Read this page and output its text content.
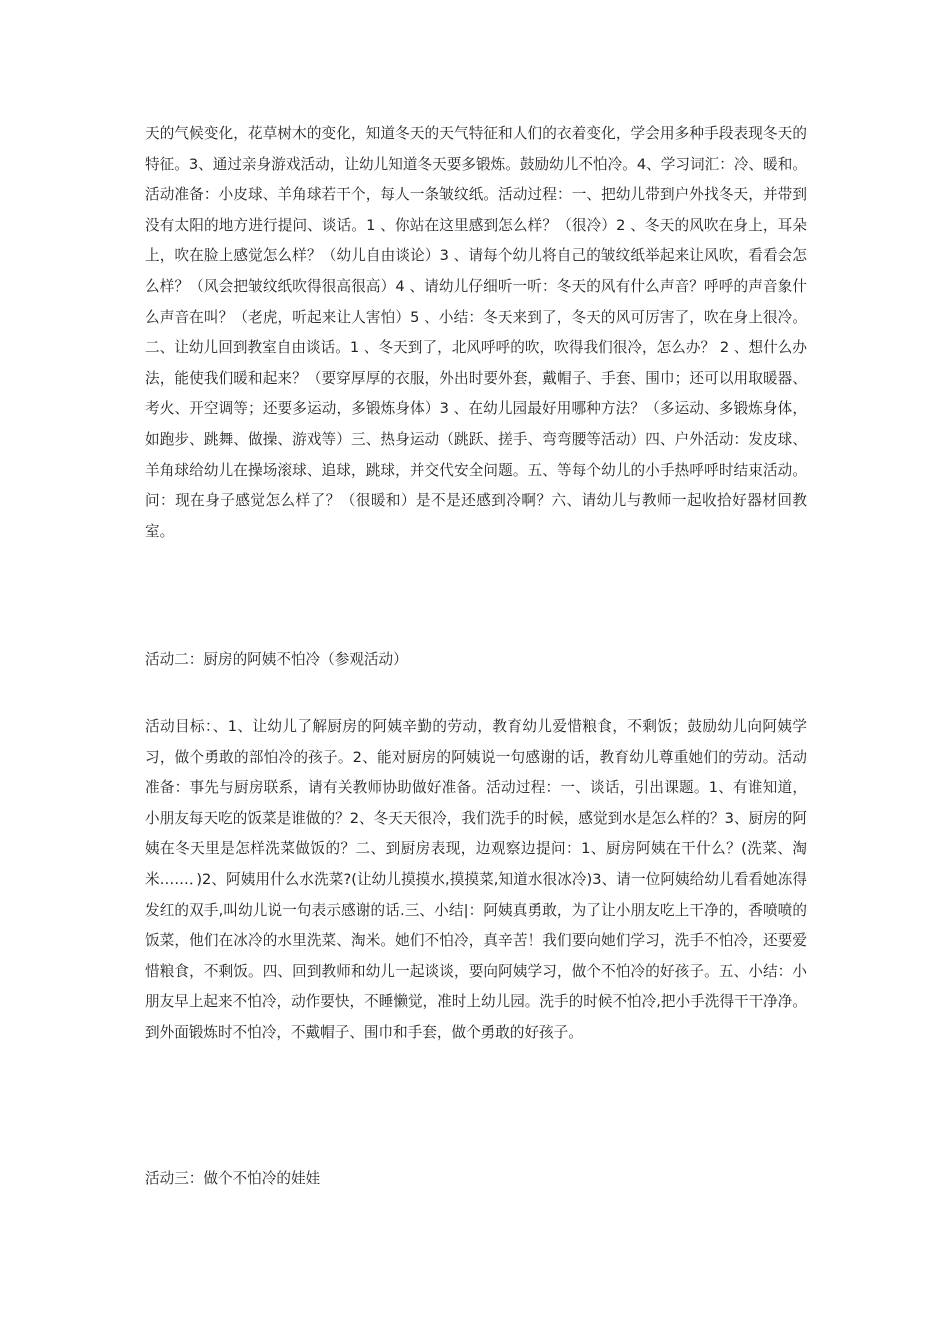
天的气候变化，花草树木的变化，知道冬天的天气特征和人们的衣着变化，学会用多种手段表现冬天的特征。3、通过亲身游戏活动，让幼儿知道冬天要多锻炼。鼓励幼儿不怕冷。4、学习词汇：冷、暖和。活动准备：小皮球、羊角球若干个，每人一条皱纹纸。活动过程：一、把幼儿带到户外找冬天，并带到没有太阳的地方进行提问、谈话。1 、你站在这里感到怎么样？（很冷）2 、冬天的风吹在身上，耳朵上，吹在脸上感觉怎么样？（幼儿自由谈论）3 、请每个幼儿将自己的皱纹纸举起来让风吹，看看会怎么样？（风会把皱纹纸吹得很高很高）4 、请幼儿仔细听一听：冬天的风有什么声音？呼呼的声音象什么声音在叫？（老虎，听起来让人害怕）5 、小结：冬天来到了，冬天的风可厉害了，吹在身上很冷。二、让幼儿回到教室自由谈话。1 、冬天到了，北风呼呼的吹，吹得我们很冷，怎么办？ 2 、想什么办法，能使我们暖和起来？（要穿厚厚的衣服，外出时要外套，戴帽子、手套、围巾；还可以用取暖器、考火、开空调等；还要多运动，多锻炼身体）3 、在幼儿园最好用哪种方法？（多运动、多锻炼身体，如跑步、跳舞、做操、游戏等）三、热身运动（跳跃、搓手、弯弯腰等活动）四、户外活动：发皮球、羊角球给幼儿在操场滚球、追球，跳球，并交代安全问题。五、等每个幼儿的小手热呼呼时结束活动。问：现在身子感觉怎么样了？（很暖和）是不是还感到冷啊？六、请幼儿与教师一起收拾好器材回教室。

活动二：厨房的阿姨不怕冷（参观活动）

活动目标：、1、让幼儿了解厨房的阿姨辛勤的劳动，教育幼儿爱惜粮食，不剩饭；鼓励幼儿向阿姨学习，做个勇敢的部怕冷的孩子。2、能对厨房的阿姨说一句感谢的话，教育幼儿尊重她们的劳动。活动准备：事先与厨房联系，请有关教师协助做好准备。活动过程：一、谈话，引出课题。1、有谁知道，小朋友每天吃的饭菜是谁做的？2、冬天天很冷，我们洗手的时候，感觉到水是怎么样的？3、厨房的阿姨在冬天里是怎样洗菜做饭的？二、到厨房表现，边观察边提问：1、厨房阿姨在干什么？(洗菜、淘米……．)2、阿姨用什么水洗菜?(让幼儿摸摸水,摸摸菜,知道水很冰冷)3、请一位阿姨给幼儿看看她冻得发红的双手,叫幼儿说一句表示感谢的话.三、小结|：阿姨真勇敢，为了让小朋友吃上干净的，香喷喷的饭菜，他们在冰冷的水里洗菜、淘米。她们不怕冷，真辛苦！我们要向她们学习，洗手不怕冷，还要爱惜粮食，不剩饭。四、回到教师和幼儿一起谈谈，要向阿姨学习，做个不怕冷的好孩子。五、小结：小朋友早上起来不怕冷，动作要快，不睡懒觉，准时上幼儿园。洗手的时候不怕冷,把小手洗得干干净净。到外面锻炼时不怕冷，不戴帽子、围巾和手套，做个勇敢的好孩子。

活动三：做个不怕冷的娃娃
